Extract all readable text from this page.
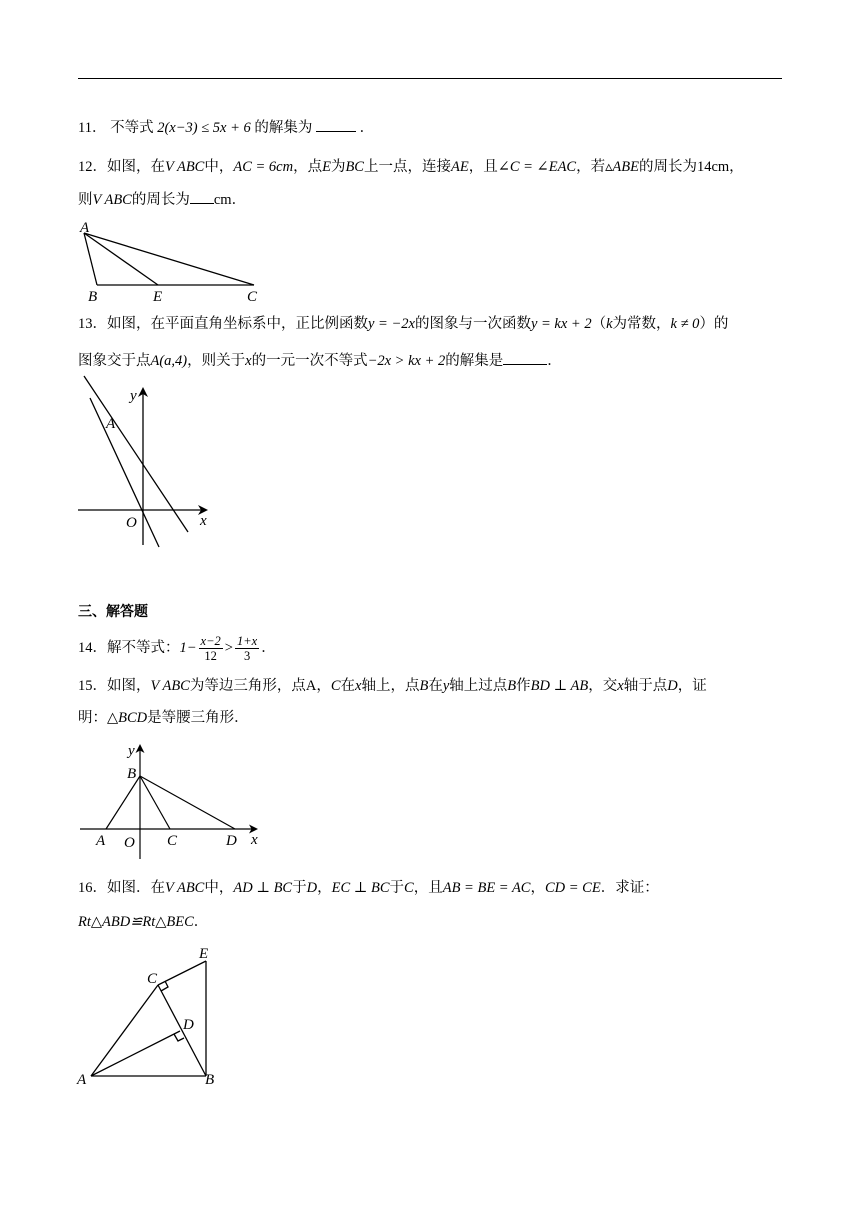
11． 不等式 2(x−3) ≤ 5x + 6 的解集为	．
12．如图，在V ABC中，AC = 6cm，点E为BC上一点，连接AE，且∠C = ∠EAC，若▵ABE的周长为14cm，
则V ABC的周长为 cm．
A
B	E	C
13．如图，在平面直角坐标系中，正比例函数y = −2x的图象与一次函数y = kx + 2（k为常数，k ≠ 0）的
图象交于点A(a,4)，则关于x的一元一次不等式−2x > kx + 2的解集是	．
y
A
O	x
三、解答题
14．解不等式：$1- \frac{x-2}{12} > \frac{1+x}{3}$ ．
15．如图，V ABC为等边三角形，点A，C在x轴上，点B在y轴上过点B作BD ⊥ AB，交x轴于点D，证
明：△BCD是等腰三角形．
y
B
A O C	D x
16．如图．在V ABC中，AD ⊥ BC于D，EC ⊥ BC于C，且AB = BE = AC，CD = CE．求证：
Rt△ABD≌Rt△BEC．
E
C
D
A	B
